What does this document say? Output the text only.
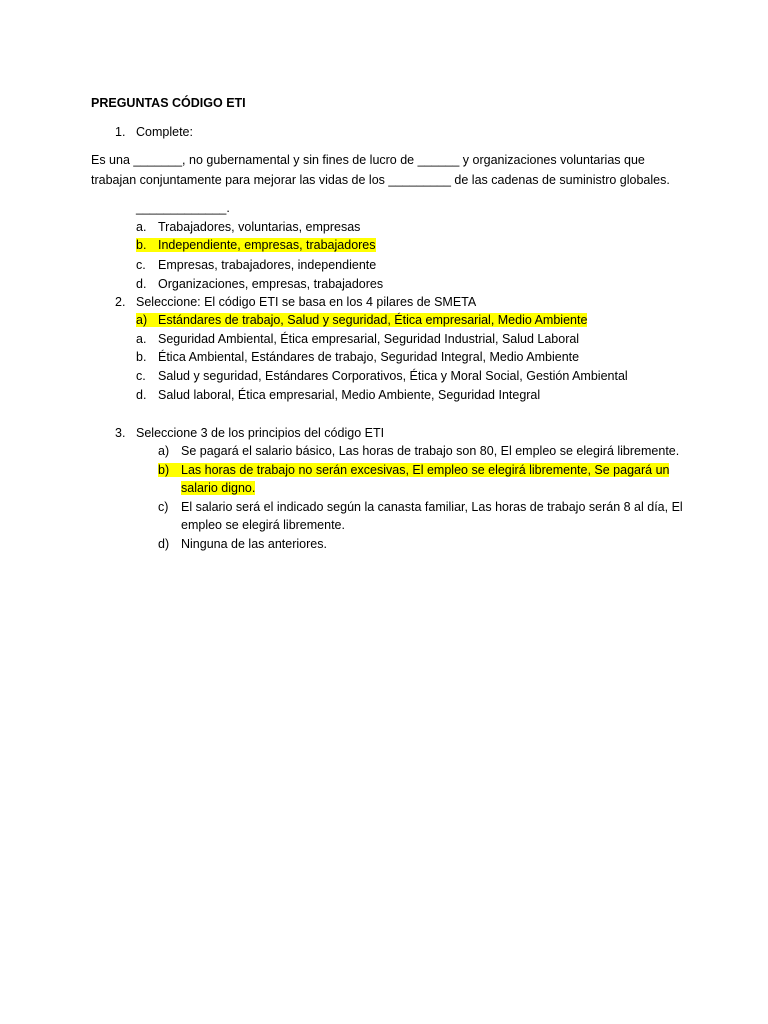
PREGUNTAS CÓDIGO ETI
1. Complete:
Es una _______, no gubernamental y sin fines de lucro de ______ y organizaciones voluntarias que
trabajan conjuntamente para mejorar las vidas de los _________ de las cadenas de suministro globales.
_____________.
a. Trabajadores, voluntarias, empresas
b. Independiente, empresas, trabajadores
c. Empresas, trabajadores, independiente
d. Organizaciones, empresas, trabajadores
2. Seleccione: El código ETI se basa en los 4 pilares de SMETA
a) Estándares de trabajo, Salud y seguridad, Ética empresarial, Medio Ambiente
a. Seguridad Ambiental, Ética empresarial, Seguridad Industrial, Salud Laboral
b. Ética Ambiental, Estándares de trabajo, Seguridad Integral, Medio Ambiente
c. Salud y seguridad, Estándares Corporativos, Ética y Moral Social, Gestión Ambiental
d. Salud laboral, Ética empresarial, Medio Ambiente, Seguridad Integral
3. Seleccione 3 de los principios del código ETI
a) Se pagará el salario básico, Las horas de trabajo son 80, El empleo se elegirá libremente.
b) Las horas de trabajo no serán excesivas, El empleo se elegirá libremente, Se pagará un
salario digno.
c) El salario será el indicado según la canasta familiar, Las horas de trabajo serán 8 al día, El
empleo se elegirá libremente.
d) Ninguna de las anteriores.
